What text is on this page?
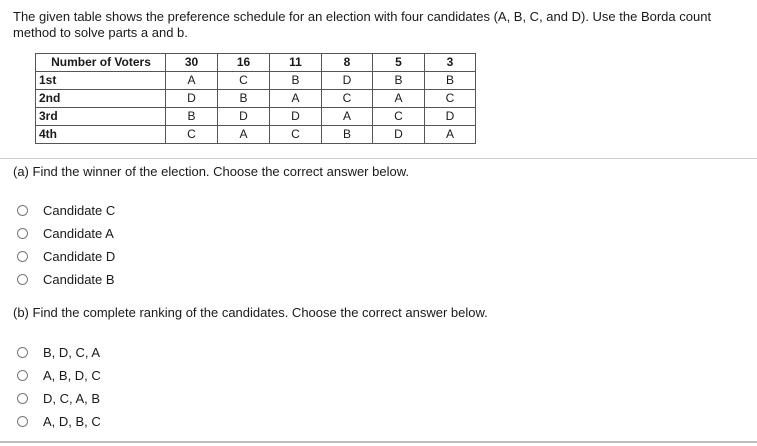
The given table shows the preference schedule for an election with four candidates (A, B, C, and D). Use the Borda count method to solve parts a and b.
Number of Voters	30	16	11	8	5	3
1st	A	C	B	D	B	B
2nd	D	B	A	C	A	C
3rd	B	D	D	A	C	D
4th	C	A	C	B	D	A
(a) Find the winner of the election. Choose the correct answer below.
Candidate C
Candidate A
Candidate D
Candidate B
(b) Find the complete ranking of the candidates. Choose the correct answer below.
B, D, C, A
A, B, D, C
D, C, A, B
A, D, B, C
